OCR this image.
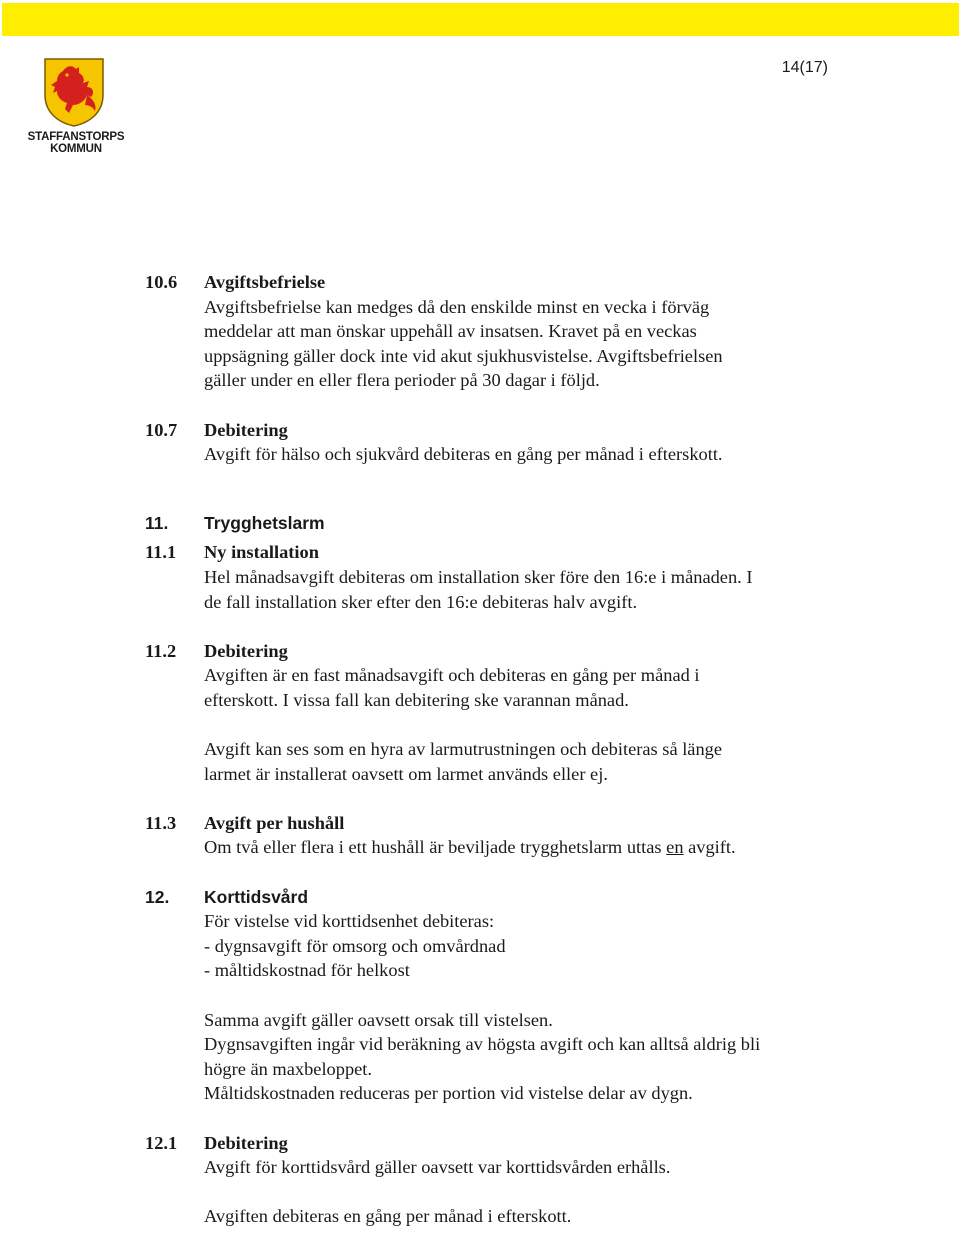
14(17)
STAFFANSTORPS
KOMMUN
10.6 Avgiftsbefrielse
Avgiftsbefrielse kan medges då den enskilde minst en vecka i förväg
meddelar att man önskar uppehåll av insatsen. Kravet på en veckas
uppsägning gäller dock inte vid akut sjukhusvistelse. Avgiftsbefrielsen
gäller under en eller flera perioder på 30 dagar i följd.
10.7 Debitering
Avgift för hälso och sjukvård debiteras en gång per månad i efterskott.
11. Trygghetslarm
11.1 Ny installation
Hel månadsavgift debiteras om installation sker före den 16:e i månaden. I
de fall installation sker efter den 16:e debiteras halv avgift.
11.2 Debitering
Avgiften är en fast månadsavgift och debiteras en gång per månad i
efterskott. I vissa fall kan debitering ske varannan månad.
Avgift kan ses som en hyra av larmutrustningen och debiteras så länge
larmet är installerat oavsett om larmet används eller ej.
11.3 Avgift per hushåll
Om två eller flera i ett hushåll är beviljade trygghetslarm uttas en avgift.
12. Korttidsvård
För vistelse vid korttidsenhet debiteras:
- dygnsavgift för omsorg och omvårdnad
- måltidskostnad för helkost
Samma avgift gäller oavsett orsak till vistelsen.
Dygnsavgiften ingår vid beräkning av högsta avgift och kan alltså aldrig bli
högre än maxbeloppet.
Måltidskostnaden reduceras per portion vid vistelse delar av dygn.
12.1 Debitering
Avgift för korttidsvård gäller oavsett var korttidsvården erhålls.
Avgiften debiteras en gång per månad i efterskott.
